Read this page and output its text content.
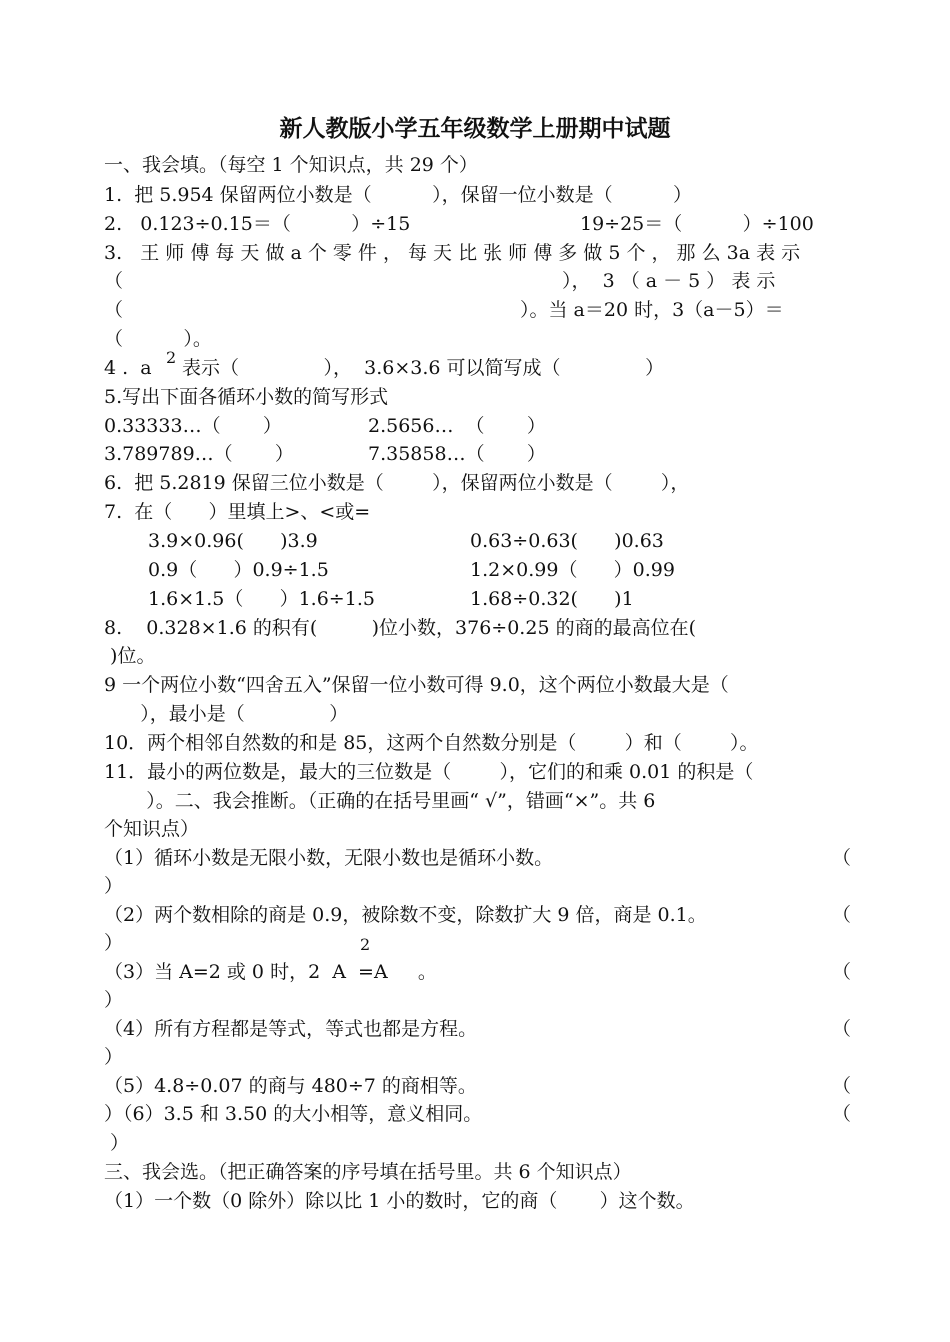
新人教版小学五年级数学上册期中试题
一、我会填。（每空 1 个知识点，共 29 个）
1.  把 5.954 保留两位小数是（          ），保留一位小数是（          ）
2.   0.123÷0.15＝（          ）÷15	19÷25＝（          ）÷100
3.   王 师 傅 每 天 做 a 个 零 件 ， 每 天 比 张 师 傅 多 做 5 个 ， 那 么 3a 表 示
（	），  3 （ a － 5 ） 表 示
（	）。当 a＝20 时，3（a－5）＝
（          ）。
4 .  a 2 表示（              ），  3.6×3.6 可以简写成（              ）
5.写出下面各循环小数的简写形式
0.33333…（       ）	2.5656…  （       ）
3.789789…（       ）	7.35858…（       ）
6.  把 5.2819 保留三位小数是（        ），保留两位小数是（        ），
7.  在（      ）里填上>、<或=
3.9×0.96(      )3.9	0.63÷0.63(      )0.63
0.9（      ）0.9÷1.5	1.2×0.99（      ）0.99
1.6×1.5（      ）1.6÷1.5	1.68÷0.32(      )1
8.    0.328×1.6 的积有(         )位小数，376÷0.25 的商的最高位在(
)位。
9 一个两位小数“四舍五入”保留一位小数可得 9.0，这个两位小数最大是（
），最小是（              ）
10．两个相邻自然数的和是 85，这两个自然数分别是（        ）和（        ）。
11．最小的两位数是，最大的三位数是（        ），它们的和乘 0.01 的积是（
）。二、我会推断。（正确的在括号里画“ √”，错画“×”。共 6
个知识点）
（1）循环小数是无限小数，无限小数也是循环小数。	（
）
（2）两个数相除的商是 0.9，被除数不变，除数扩大 9 倍，商是 0.1。	（
）	2
（3）当 A=2 或 0 时，2  A  =A     。	（
）
（4）所有方程都是等式，等式也都是方程。	（
）
（5）4.8÷0.07 的商与 480÷7 的商相等。	（
）（6）3.5 和 3.50 的大小相等，意义相同。	（
）
三、我会选。（把正确答案的序号填在括号里。共 6 个知识点）
（1）一个数（0 除外）除以比 1 小的数时，它的商（       ）这个数。
